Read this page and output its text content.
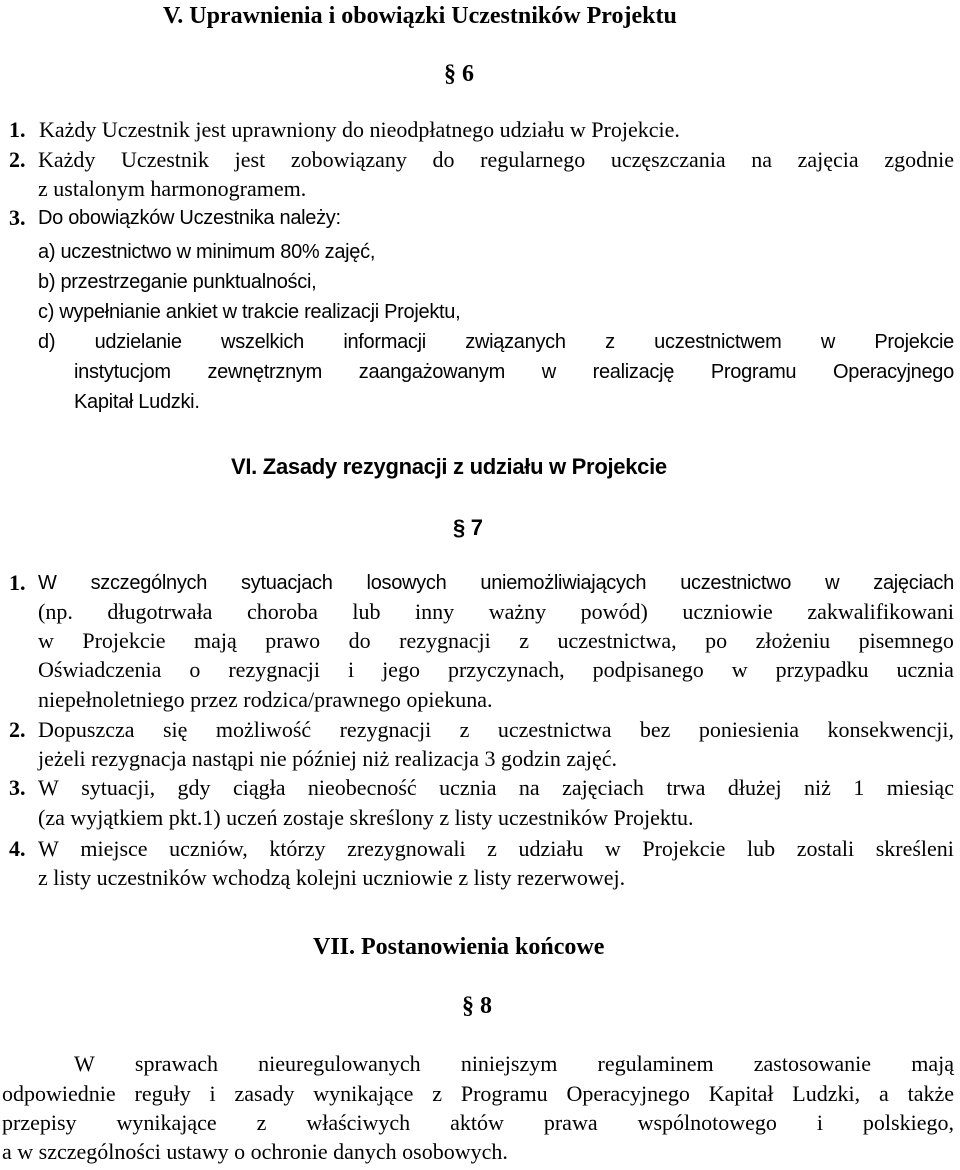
V. Uprawnienia i obowiązki Uczestników Projektu
§ 6
1. Każdy Uczestnik jest uprawniony do nieodpłatnego udziału w Projekcie.
2. Każdy Uczestnik jest zobowiązany do regularnego uczęszczania na zajęcia zgodnie
z ustalonym harmonogramem.
3. Do obowiązków Uczestnika należy:
a) uczestnictwo w minimum 80% zajęć,
b) przestrzeganie punktualności,
c) wypełnianie ankiet w trakcie realizacji Projektu,
d) udzielanie wszelkich informacji związanych z uczestnictwem w Projekcie
instytucjom zewnętrznym zaangażowanym w realizację Programu Operacyjnego
Kapitał Ludzki.
VI. Zasady rezygnacji z udziału w Projekcie
§ 7
1. W szczególnych sytuacjach losowych uniemożliwiających uczestnictwo w zajęciach
(np. długotrwała choroba lub inny ważny powód) uczniowie zakwalifikowani
w Projekcie mają prawo do rezygnacji z uczestnictwa, po złożeniu pisemnego
Oświadczenia o rezygnacji i jego przyczynach, podpisanego w przypadku ucznia
niepełnoletniego przez rodzica/prawnego opiekuna.
2. Dopuszcza się możliwość rezygnacji z uczestnictwa bez poniesienia konsekwencji,
jeżeli rezygnacja nastąpi nie później niż realizacja 3 godzin zajęć.
3. W sytuacji, gdy ciągła nieobecność ucznia na zajęciach trwa dłużej niż 1 miesiąc
(za wyjątkiem pkt.1) uczeń zostaje skreślony z listy uczestników Projektu.
4. W miejsce uczniów, którzy zrezygnowali z udziału w Projekcie lub zostali skreśleni
z listy uczestników wchodzą kolejni uczniowie z listy rezerwowej.
VII. Postanowienia końcowe
§ 8
W sprawach nieuregulowanych niniejszym regulaminem zastosowanie mają
odpowiednie reguły i zasady wynikające z Programu Operacyjnego Kapitał Ludzki, a także
przepisy wynikające z właściwych aktów prawa wspólnotowego i polskiego,
a w szczególności ustawy o ochronie danych osobowych.
